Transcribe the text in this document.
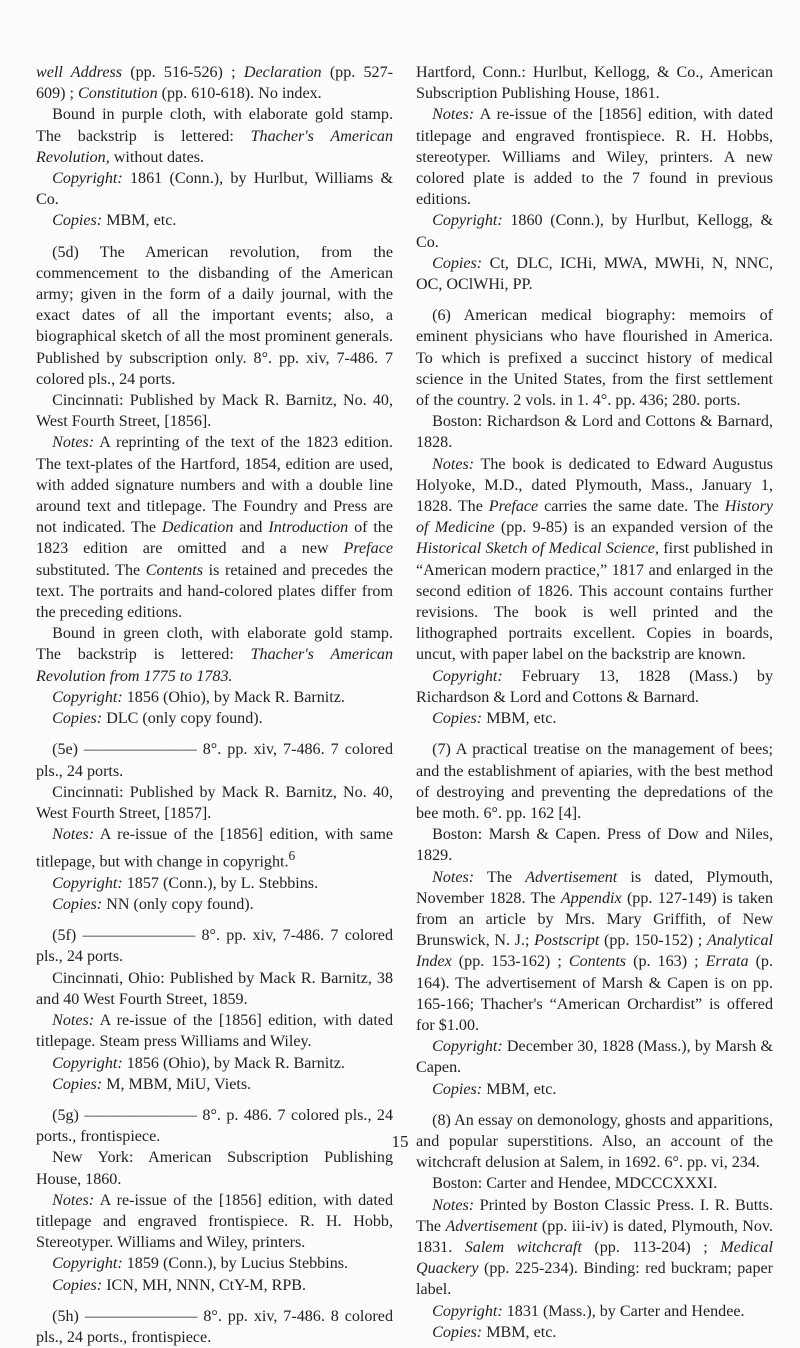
well Address (pp. 516-526) ; Declaration (pp. 527-609) ; Constitution (pp. 610-618). No index.

Bound in purple cloth, with elaborate gold stamp. The backstrip is lettered: Thacher's American Revolution, without dates.

Copyright: 1861 (Conn.), by Hurlbut, Williams & Co.

Copies: MBM, etc.

(5d) The American revolution, from the commencement to the disbanding of the American army; given in the form of a daily journal, with the exact dates of all the important events; also, a biographical sketch of all the most prominent generals. Published by subscription only. 8°. pp. xiv, 7-486. 7 colored pls., 24 ports.

Cincinnati: Published by Mack R. Barnitz, No. 40, West Fourth Street, [1856].

Notes: A reprinting of the text of the 1823 edition. The text-plates of the Hartford, 1854, edition are used, with added signature numbers and with a double line around text and titlepage. The Foundry and Press are not indicated. The Dedication and Introduction of the 1823 edition are omitted and a new Preface substituted. The Contents is retained and precedes the text. The portraits and hand-colored plates differ from the preceding editions.

Bound in green cloth, with elaborate gold stamp. The backstrip is lettered: Thacher's American Revolution from 1775 to 1783.

Copyright: 1856 (Ohio), by Mack R. Barnitz.

Copies: DLC (only copy found).

(5e) ——————— 8°. pp. xiv, 7-486. 7 colored pls., 24 ports.

Cincinnati: Published by Mack R. Barnitz, No. 40, West Fourth Street, [1857].

Notes: A re-issue of the [1856] edition, with same titlepage, but with change in copyright.$^6$

Copyright: 1857 (Conn.), by L. Stebbins.

Copies: NN (only copy found).

(5f) ——————— 8°. pp. xiv, 7-486. 7 colored pls., 24 ports.

Cincinnati, Ohio: Published by Mack R. Barnitz, 38 and 40 West Fourth Street, 1859.

Notes: A re-issue of the [1856] edition, with dated titlepage. Steam press Williams and Wiley.

Copyright: 1856 (Ohio), by Mack R. Barnitz.

Copies: M, MBM, MiU, Viets.

(5g) ——————— 8°. p. 486. 7 colored pls., 24 ports., frontispiece.

New York: American Subscription Publishing House, 1860.

Notes: A re-issue of the [1856] edition, with dated titlepage and engraved frontispiece. R. H. Hobb, Stereotyper. Williams and Wiley, printers.

Copyright: 1859 (Conn.), by Lucius Stebbins.

Copies: ICN, MH, NNN, CtY-M, RPB.

(5h) ——————— 8°. pp. xiv, 7-486. 8 colored pls., 24 ports., frontispiece.

Hartford, Conn.: Hurlbut, Kellogg, & Co., American Subscription Publishing House, 1861.

Notes: A re-issue of the [1856] edition, with dated titlepage and engraved frontispiece. R. H. Hobbs, stereotyper. Williams and Wiley, printers. A new colored plate is added to the 7 found in previous editions.

Copyright: 1860 (Conn.), by Hurlbut, Kellogg, & Co.

Copies: Ct, DLC, ICHi, MWA, MWHi, N, NNC, OC, OClWHi, PP.

(6) American medical biography: memoirs of eminent physicians who have flourished in America. To which is prefixed a succinct history of medical science in the United States, from the first settlement of the country. 2 vols. in 1. 4°. pp. 436; 280. ports.

Boston: Richardson & Lord and Cottons & Barnard, 1828.

Notes: The book is dedicated to Edward Augustus Holyoke, M.D., dated Plymouth, Mass., January 1, 1828. The Preface carries the same date. The History of Medicine (pp. 9-85) is an expanded version of the Historical Sketch of Medical Science, first published in “American modern practice,” 1817 and enlarged in the second edition of 1826. This account contains further revisions. The book is well printed and the lithographed portraits excellent. Copies in boards, uncut, with paper label on the backstrip are known.

Copyright: February 13, 1828 (Mass.) by Richardson & Lord and Cottons & Barnard.

Copies: MBM, etc.

(7) A practical treatise on the management of bees; and the establishment of apiaries, with the best method of destroying and preventing the depredations of the bee moth. 6°. pp. 162 [4].

Boston: Marsh & Capen. Press of Dow and Niles, 1829.

Notes: The Advertisement is dated, Plymouth, November 1828. The Appendix (pp. 127-149) is taken from an article by Mrs. Mary Griffith, of New Brunswick, N. J.; Postscript (pp. 150-152) ; Analytical Index (pp. 153-162) ; Contents (p. 163) ; Errata (p. 164). The advertisement of Marsh & Capen is on pp. 165-166; Thacher's “American Orchardist” is offered for $1.00.

Copyright: December 30, 1828 (Mass.), by Marsh & Capen.

Copies: MBM, etc.

(8) An essay on demonology, ghosts and apparitions, and popular superstitions. Also, an account of the witchcraft delusion at Salem, in 1692. 6°. pp. vi, 234.

Boston: Carter and Hendee, MDCCCXXXI.

Notes: Printed by Boston Classic Press. I. R. Butts. The Advertisement (pp. iii-iv) is dated, Plymouth, Nov. 1831. Salem witchcraft (pp. 113-204) ; Medical Quackery (pp. 225-234). Binding: red buckram; paper label.

Copyright: 1831 (Mass.), by Carter and Hendee.

Copies: MBM, etc.

15
